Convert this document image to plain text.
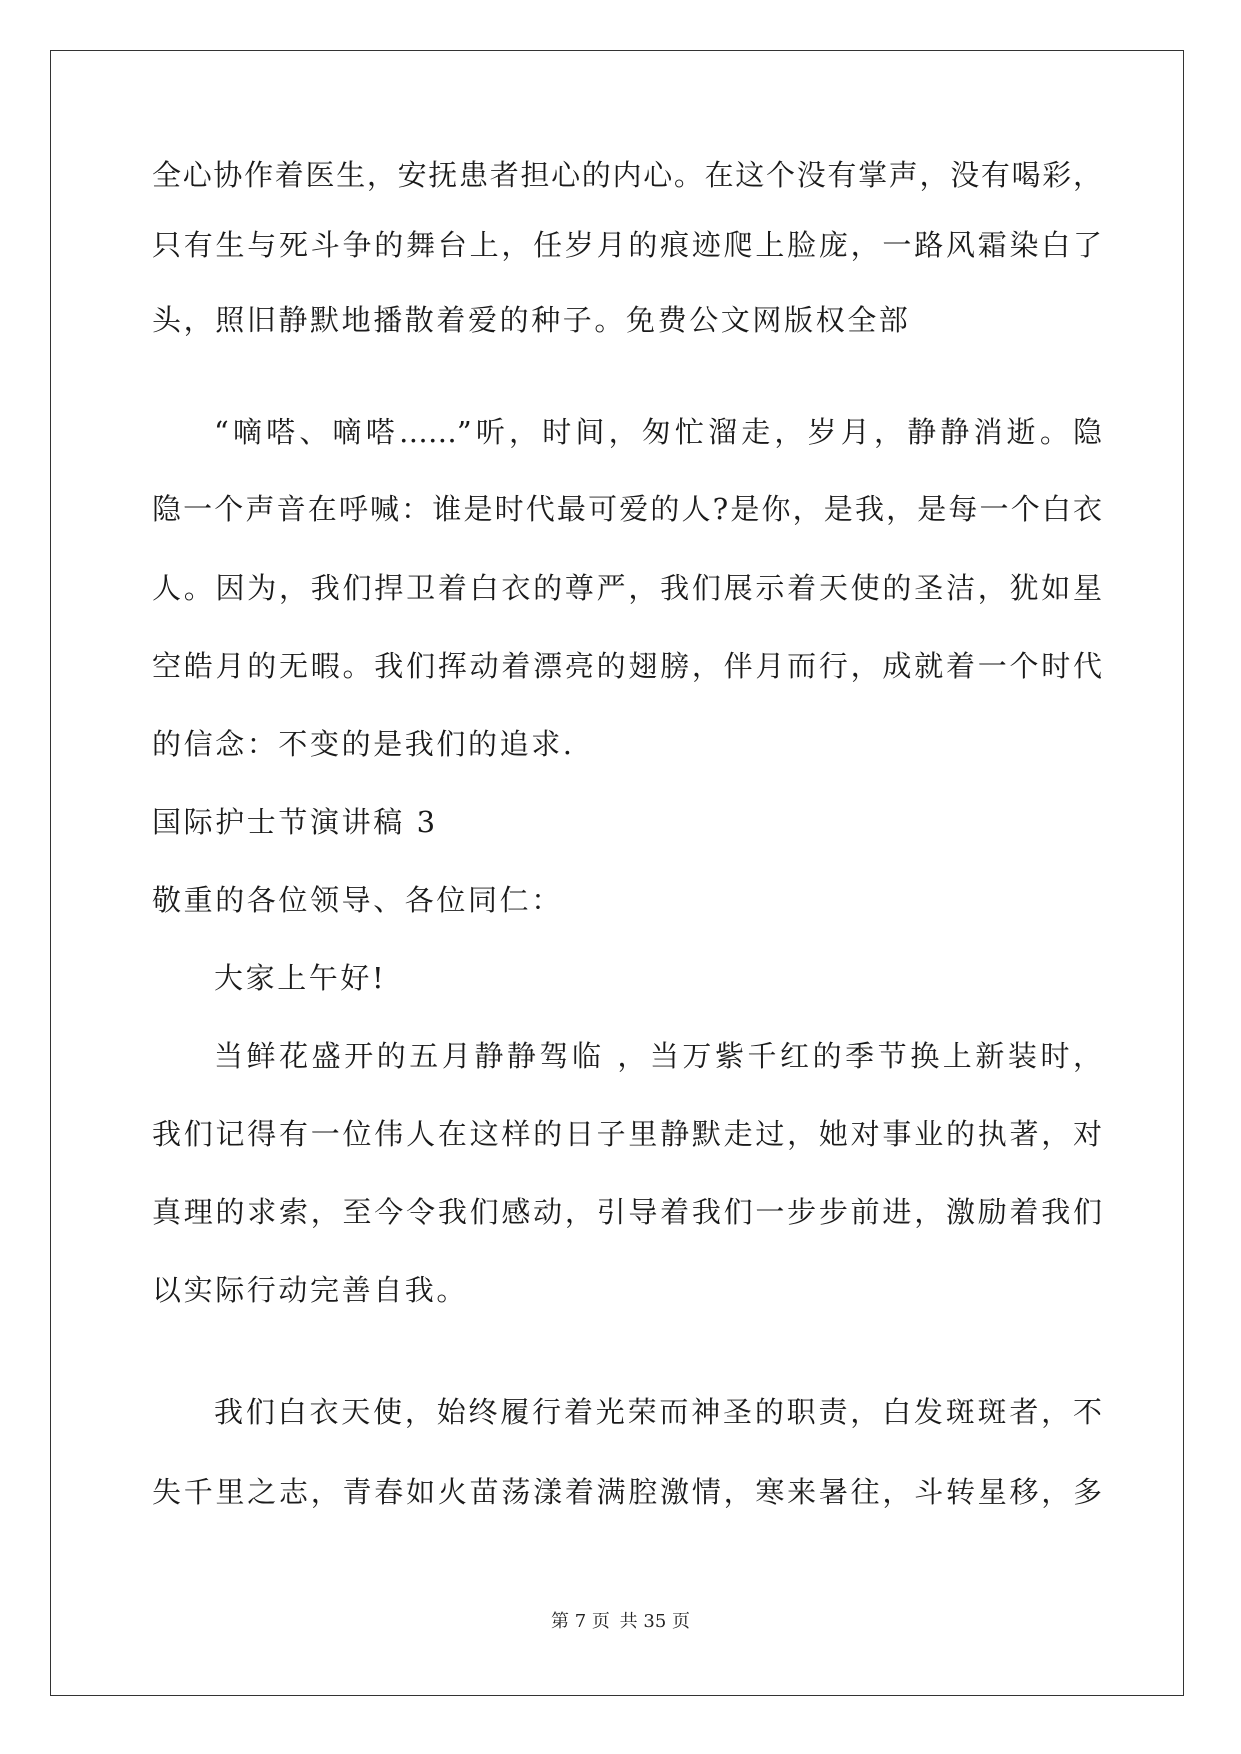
全心协作着医生，安抚患者担心的内心。在这个没有掌声，没有喝彩，
只有生与死斗争的舞台上，任岁月的痕迹爬上脸庞，一路风霜染白了
头，照旧静默地播散着爱的种子。免费公文网版权全部
“嘀嗒、嘀嗒……”听，时间，匆忙溜走，岁月，静静消逝。隐
隐一个声音在呼喊：谁是时代最可爱的人?是你，是我，是每一个白衣
人。因为，我们捍卫着白衣的尊严，我们展示着天使的圣洁，犹如星
空皓月的无暇。我们挥动着漂亮的翅膀，伴月而行，成就着一个时代
的信念：不变的是我们的追求.
国际护士节演讲稿 3
敬重的各位领导、各位同仁：
大家上午好!
当鲜花盛开的五月静静驾临 ，当万紫千红的季节换上新装时，
我们记得有一位伟人在这样的日子里静默走过，她对事业的执著，对
真理的求索，至今令我们感动，引导着我们一步步前进，激励着我们
以实际行动完善自我。
我们白衣天使，始终履行着光荣而神圣的职责，白发斑斑者，不
失千里之志，青春如火苗荡漾着满腔激情，寒来暑往，斗转星移，多
第 7 页 共 35 页
